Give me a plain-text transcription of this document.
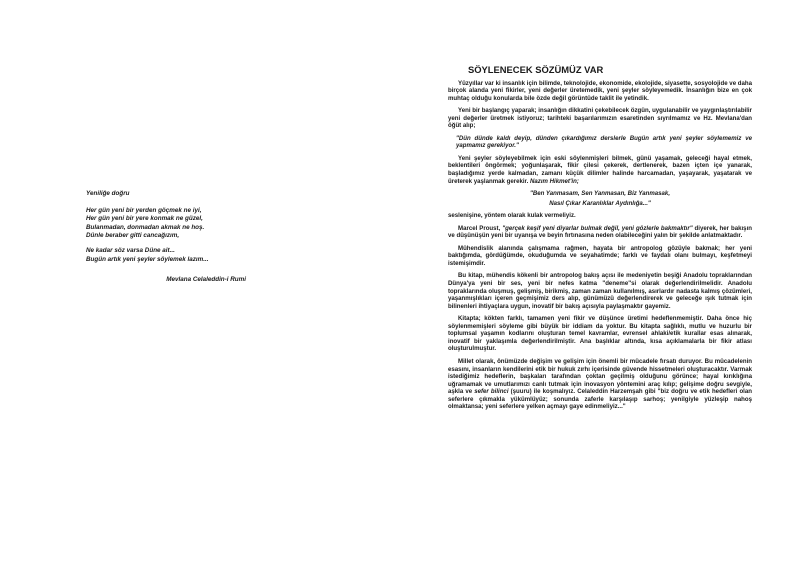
Yeniliğe doğru

Her gün yeni bir yerden göçmek ne iyi,

Her gün yeni bir yere konmak ne güzel,

Bulanmadan, donmadan akmak ne hoş.

Dünle beraber gitti cancağızım,

Ne kadar söz varsa Düne ait...

Bugün artık yeni şeyler söylemek lazım...

Mevlana Celaleddin-i Rumi

SÖYLENECEK SÖZÜMÜZ VAR

Yüzyıllar var ki insanlık için bilimde, teknolojide, ekonomide, ekolojide, siyasette, sosyolojide ve daha birçok alanda yeni fikirler, yeni değerler üretemedik, yeni şeyler söyleyemedik. İnsanlığın bize en çok muhtaç olduğu konularda bile özde değil görüntüde taklit ile yetindik.

Yeni bir başlangıç yaparak; insanlığın dikkatini çekebilecek özgün, uygulanabilir ve yaygınlaştırılabilir yeni değerler üretmek istiyoruz; tarihteki başarılarımızın esaretinden sıyrılmamız ve Hz. Mevlana'dan öğüt alıp;

"Dün dünde kaldı deyip, dünden çıkardığımız derslerle Bugün artık yeni şeyler söylememiz ve yapmamız gerekiyor."

Yeni şeyler söyleyebilmek için eski söylenmişleri bilmek, günü yaşamak, geleceği hayal etmek, beklentileri öngörmek; yoğunlaşarak, fikir çilesi çekerek, dertlenerek, bazen içten içe yanarak, başladığımız yerde kalmadan, zamanı küçük dilimler halinde harcamadan, yaşayarak, yaşatarak ve üreterek yaşlanmak gerekir. Nazım Hikmet'in;

"Ben Yanmasam, Sen Yanmasan, Biz Yanmasak,

Nasıl Çıkar Karanlıklar Aydınlığa..."

seslenişine, yöntem olarak kulak vermeliyiz.

Marcel Proust, "gerçek keşif yeni diyarlar bulmak değil, yeni gözlerle bakmaktır" diyerek, her bakışın ve düşünüşün yeni bir uyanışa ve beyin fırtınasına neden olabileceğini yalın bir şekilde anlatmaktadır.

Mühendislik alanında çalışmama rağmen, hayata bir antropolog gözüyle bakmak; her yeni baktığımda, gördüğümde, okuduğumda ve seyahatimde; farklı ve faydalı olanı bulmayı, keşfetmeyi istemişimdir.

Bu kitap, mühendis kökenli bir antropolog bakış açısı ile medeniyetin beşiği Anadolu topraklarından Dünya'ya yeni bir ses, yeni bir nefes katma "deneme"si olarak değerlendirilmelidir. Anadolu topraklarında oluşmuş, gelişmiş, birikmiş, zaman zaman kullanılmış, asırlardır nadasta kalmış çözümleri, yaşanmışlıkları içeren geçmişimiz ders alıp, günümüzü değerlendirerek ve geleceğe ışık tutmak için bilinenleri ihtiyaçlara uygun, inovatif bir bakış açısıyla paylaşmaktır gayemiz.

Kitapta; kökten farklı, tamamen yeni fikir ve düşünce üretimi hedeflenmemiştir. Daha önce hiç söylenmemişleri söyleme gibi büyük bir iddiam da yoktur. Bu kitapta sağlıklı, mutlu ve huzurlu bir toplumsal yaşamın kodlarını oluşturan temel kavramlar, evrensel ahlaki/etik kurallar esas alınarak, inovatif bir yaklaşımla değerlendirilmiştir. Ana başlıklar altında, kısa açıklamalarla bir fikir atlası oluşturulmuştur.

Millet olarak, önümüzde değişim ve gelişim için önemli bir mücadele fırsatı duruyor. Bu mücadelenin esasını, insanların kendilerini etik bir hukuk zırhı içerisinde güvende hissetmeleri oluşturacaktır. Varmak istediğimiz hedeflerin, başkaları tarafından çoktan geçilmiş olduğunu görünce; hayal kırıklığına uğramamak ve umutlarımızı canlı tutmak için inovasyon yöntemini araç kılıp; gelişime doğru sevgiyle, aşkla ve sefer bilinci (şuuru) ile koşmalıyız. Celaleddin Harzemşah gibi "biz doğru ve etik hedefleri olan seferlere çıkmakla yükümlüyüz; sonunda zaferle karşılaşıp sarhoş; yenilgiyle yüzleşip nahoş olmaktansa; yeni seferlere yelken açmayı gaye edinmeliyiz..."
